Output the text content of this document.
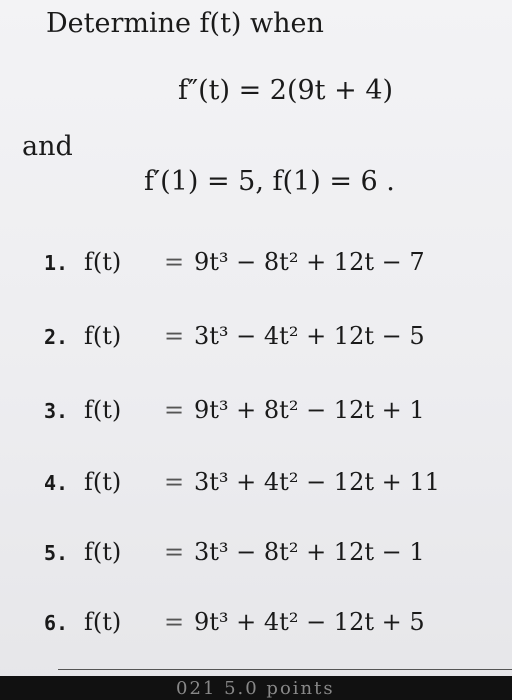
Determine f(t) when
f″(t) = 2(9t + 4)
and
f′(1) = 5, f(1) = 6 .
1. f(t) = 9t³ − 8t² + 12t − 7
2. f(t) = 3t³ − 4t² + 12t − 5
3. f(t) = 9t³ + 8t² − 12t + 1
4. f(t) = 3t³ + 4t² − 12t + 11
5. f(t) = 3t³ − 8t² + 12t − 1
6. f(t) = 9t³ + 4t² − 12t + 5
021 5.0 points
